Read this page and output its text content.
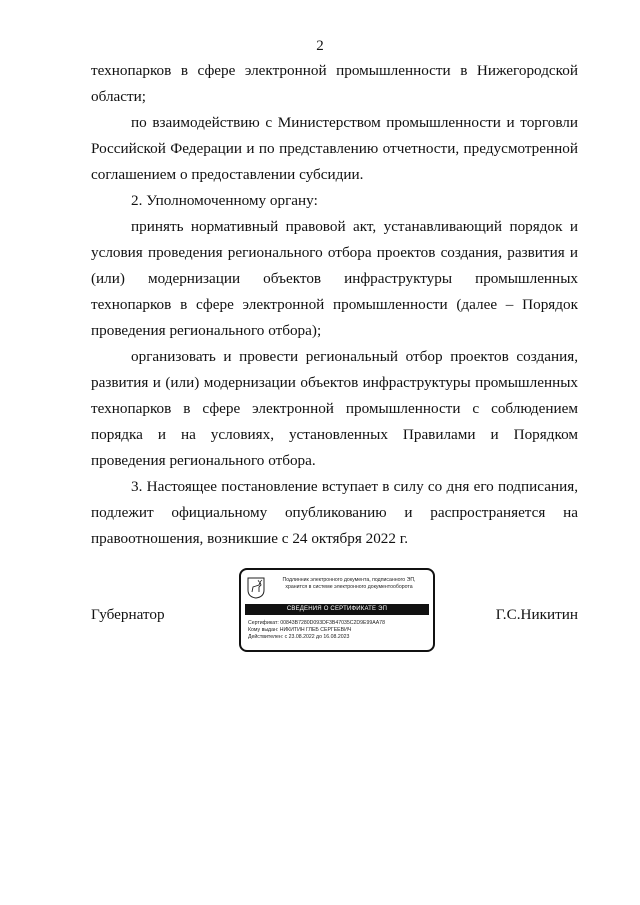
2

технопарков в сфере электронной промышленности в Нижегородской области;

по взаимодействию с Министерством промышленности и торговли Российской Федерации и по представлению отчетности, предусмотренной соглашением о предоставлении субсидии.

2. Уполномоченному органу:

принять нормативный правовой акт, устанавливающий порядок и условия проведения регионального отбора проектов создания, развития и (или) модернизации объектов инфраструктуры промышленных технопарков в сфере электронной промышленности (далее – Порядок проведения регионального отбора);

организовать и провести региональный отбор проектов создания, развития и (или) модернизации объектов инфраструктуры промышленных технопарков в сфере электронной промышленности с соблюдением порядка и на условиях, установленных Правилами и Порядком проведения регионального отбора.

3. Настоящее постановление вступает в силу со дня его подписания, подлежит официальному опубликованию и распространяется на правоотношения, возникшие с 24 октября 2022 г.

Губернатор
Подлинник электронного документа, подписанного ЭП,
хранится в системе электронного документооборота
СВЕДЕНИЯ О СЕРТИФИКАТЕ ЭП
Сертификат: 00843B7280D093DF3B47035C2D9E99AA78
Кому выдан: НИКИТИН ГЛЕБ СЕРГЕЕВИЧ
Действителен: с 23.08.2022 до 16.08.2023
Г.С.Никитин
